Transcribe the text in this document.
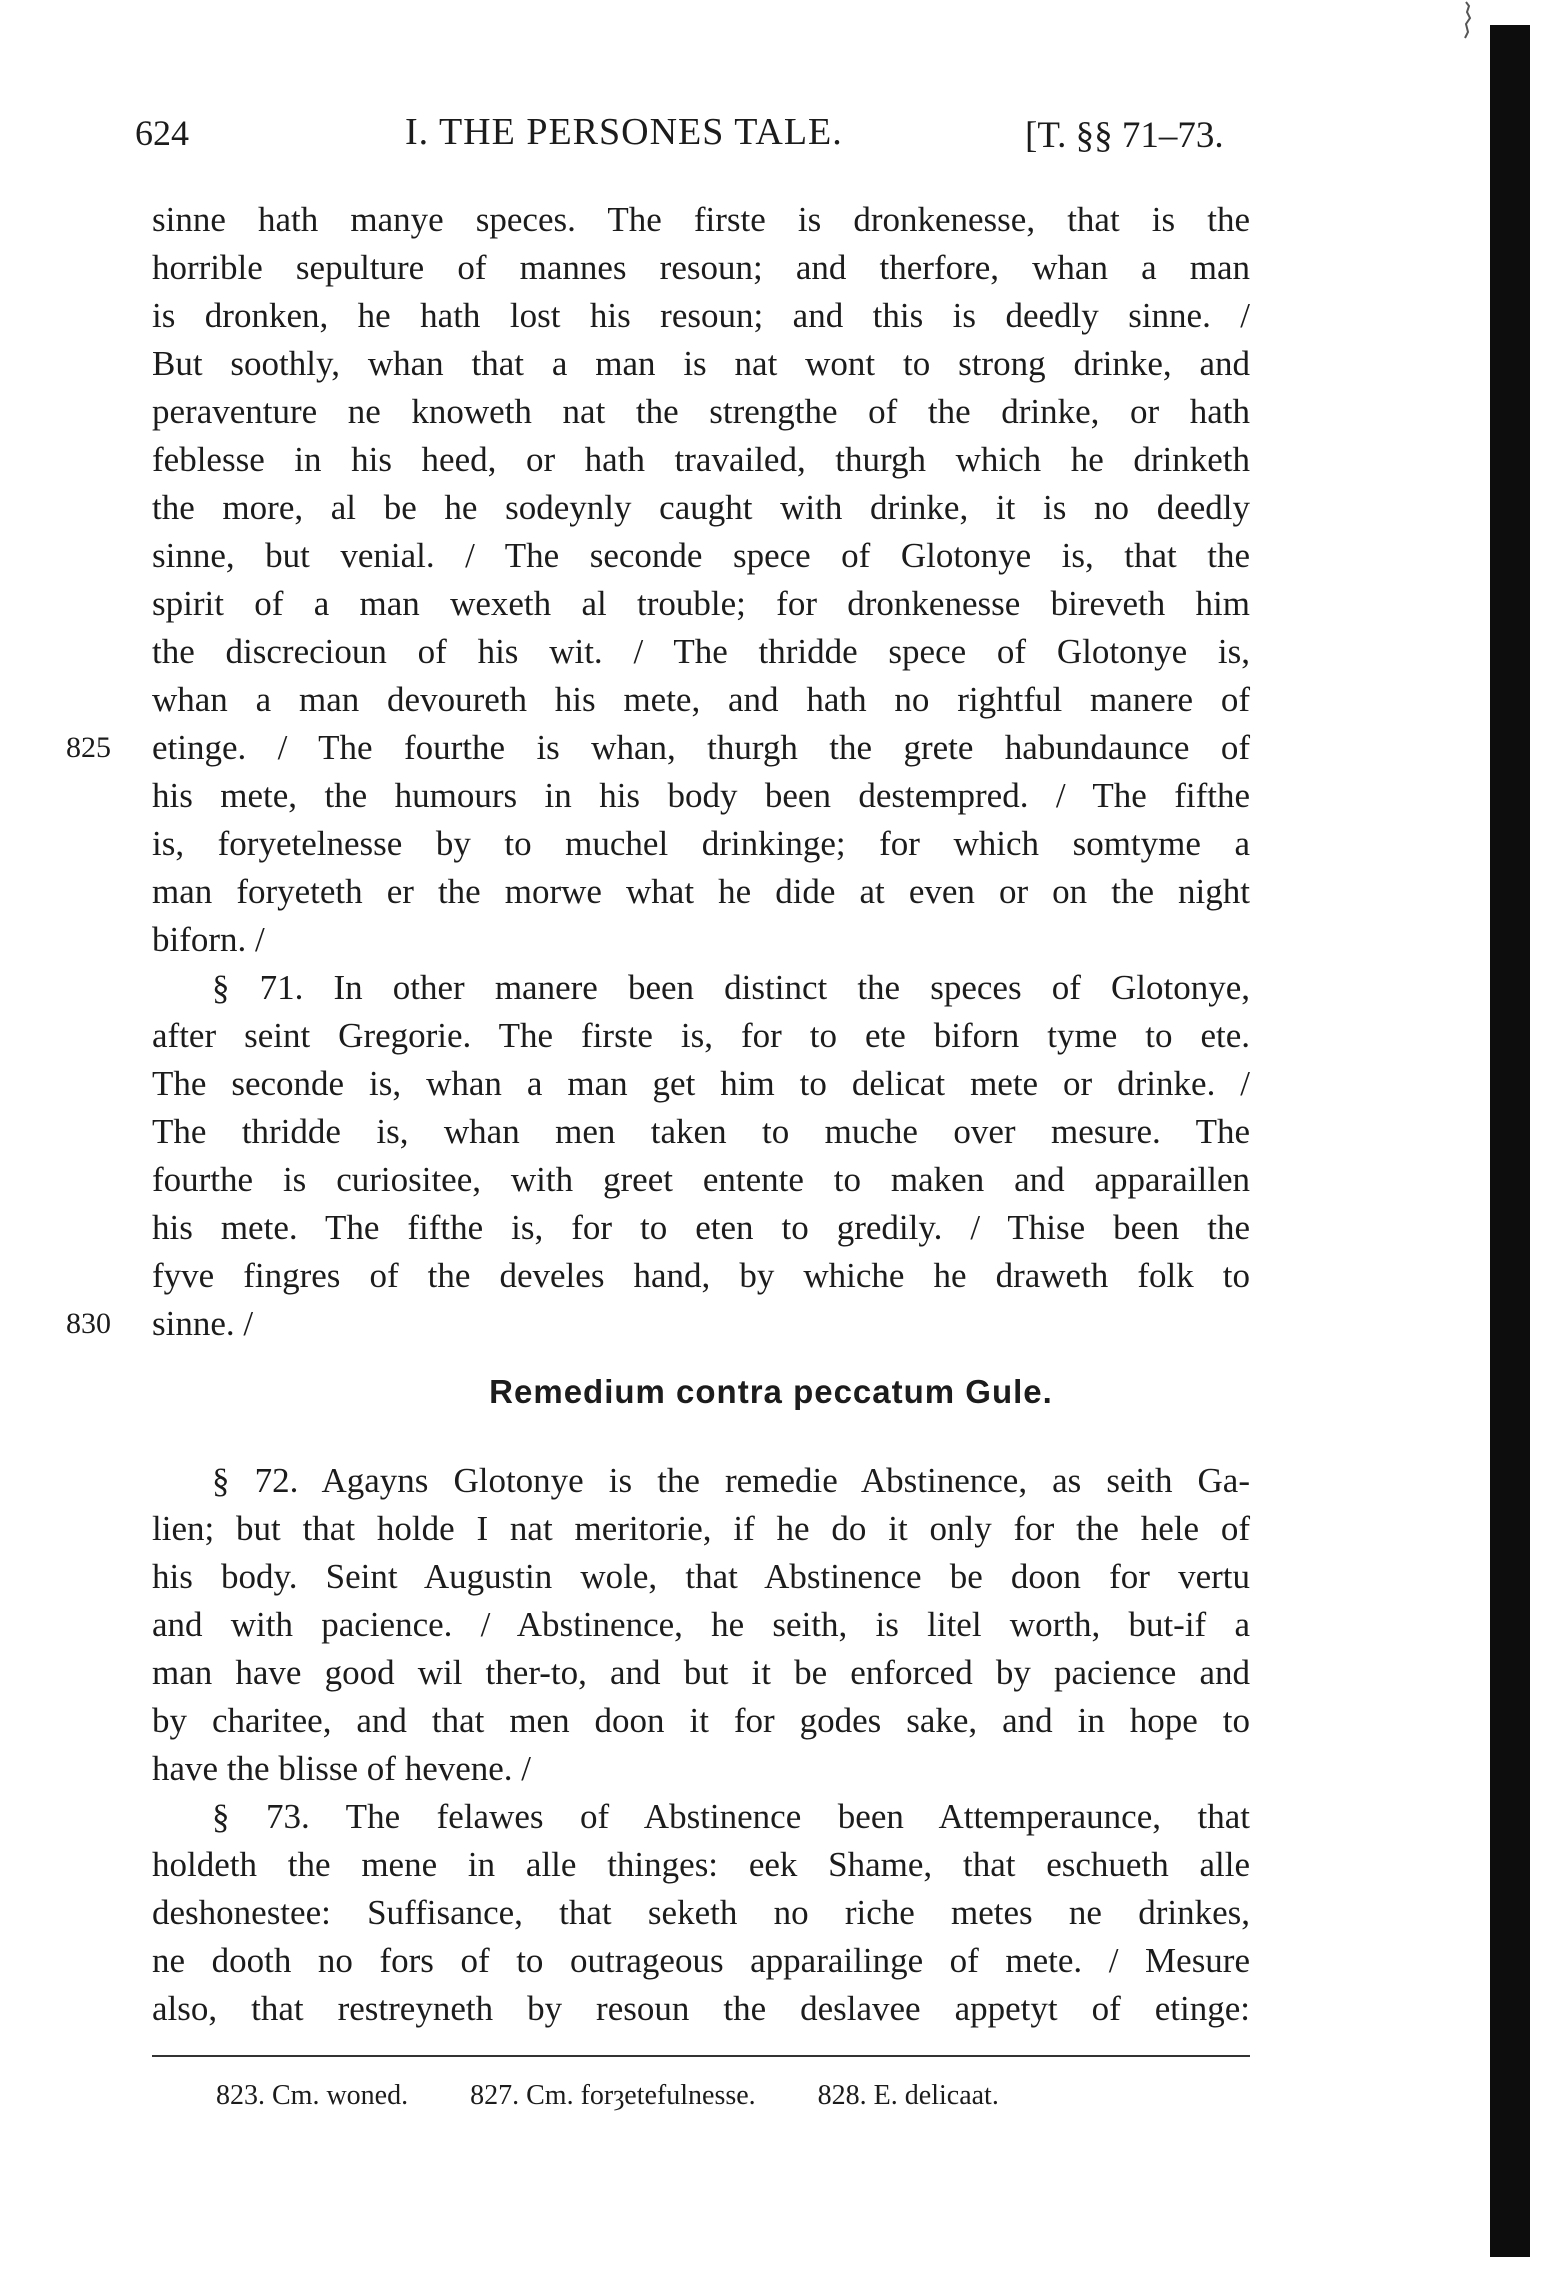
624	I. THE PERSONES TALE.	[T. §§ 71–73.
sinne hath manye speces. The firste is dronkenesse, that is the
horrible sepulture of mannes resoun; and therfore, whan a man
is dronken, he hath lost his resoun; and this is deedly sinne. /
But soothly, whan that a man is nat wont to strong drinke, and
peraventure ne knoweth nat the strengthe of the drinke, or hath
feblesse in his heed, or hath travailed, thurgh which he drinketh
the more, al be he sodeynly caught with drinke, it is no deedly
sinne, but venial. / The seconde spece of Glotonye is, that the
spirit of a man wexeth al trouble; for dronkenesse bireveth him
the discrecioun of his wit. / The thridde spece of Glotonye is,
whan a man devoureth his mete, and hath no rightful manere of
etinge. / The fourthe is whan, thurgh the grete habundaunce of
his mete, the humours in his body been destempred. / The fifthe
is, foryetelnesse by to muchel drinkinge; for which somtyme a
man foryeteth er the morwe what he dide at even or on the night
biforn. /
§ 71. In other manere been distinct the speces of Glotonye,
after seint Gregorie. The firste is, for to ete biforn tyme to ete.
The seconde is, whan a man get him to delicat mete or drinke. /
The thridde is, whan men taken to muche over mesure. The
fourthe is curiositee, with greet entente to maken and apparaillen
his mete. The fifthe is, for to eten to gredily. / Thise been the
fyve fingres of the develes hand, by whiche he draweth folk to
sinne. /
Remedium contra peccatum Gule.
§ 72. Agayns Glotonye is the remedie Abstinence, as seith Ga-
lien; but that holde I nat meritorie, if he do it only for the hele of
his body. Seint Augustin wole, that Abstinence be doon for vertu
and with pacience. / Abstinence, he seith, is litel worth, but-if a
man have good wil ther-to, and but it be enforced by pacience and
by charitee, and that men doon it for godes sake, and in hope to
have the blisse of hevene. /
§ 73. The felawes of Abstinence been Attemperaunce, that
holdeth the mene in alle thinges: eek Shame, that eschueth alle
deshonestee: Suffisance, that seketh no riche metes ne drinkes,
ne dooth no fors of to outrageous apparailinge of mete. / Mesure
also, that restreyneth by resoun the deslavee appetyt of etinge:
825
830
823. Cm. woned. 827. Cm. forȝetefulnesse. 828. E. delicaat.
